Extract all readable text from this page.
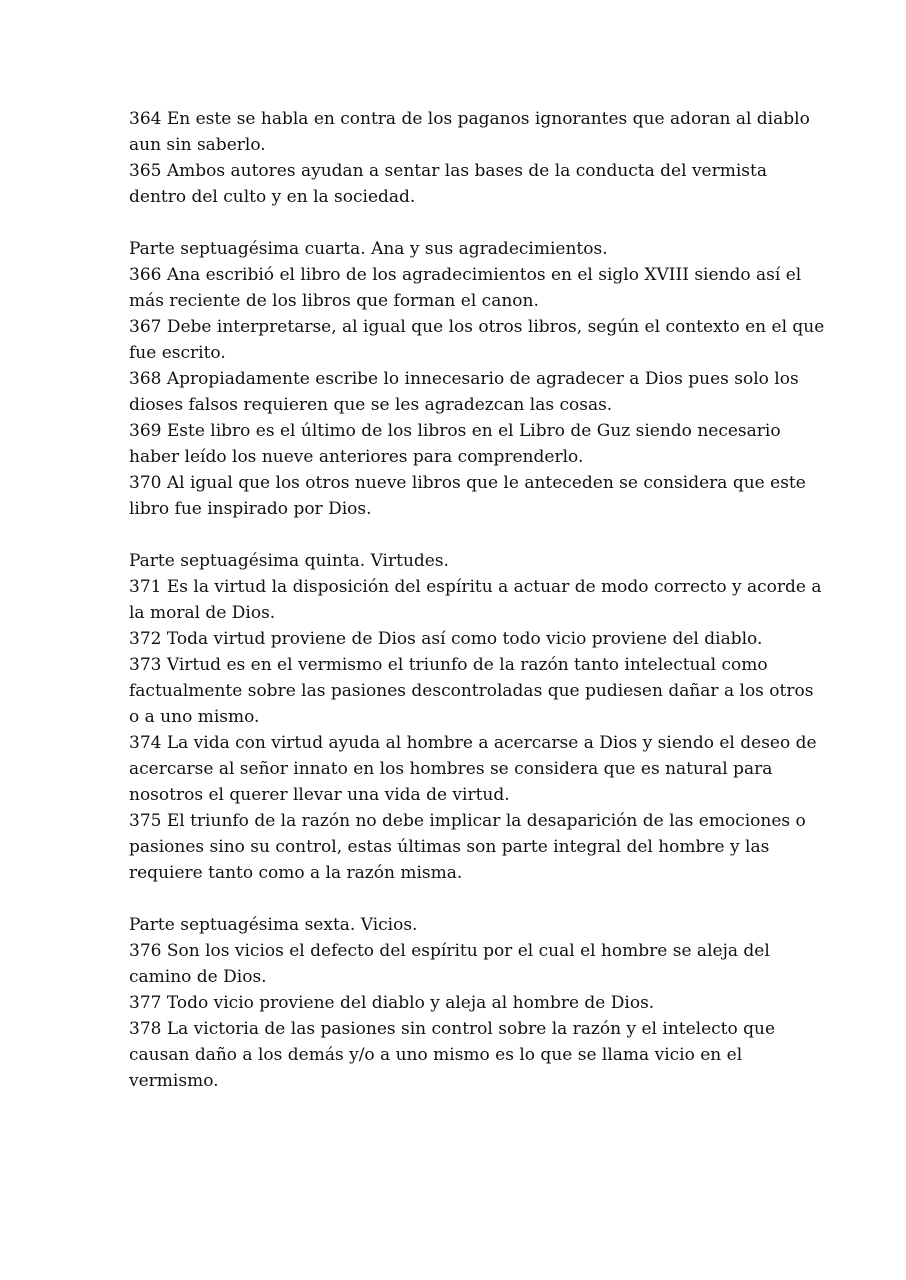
364 En este se habla en contra de los paganos ignorantes que adoran al diablo
aun sin saberlo.
365 Ambos autores ayudan a sentar las bases de la conducta del vermista
dentro del culto y en la sociedad.
Parte septuagésima cuarta. Ana y sus agradecimientos.
366 Ana escribió el libro de los agradecimientos en el siglo XVIII siendo así el
más reciente de los libros que forman el canon.
367 Debe interpretarse, al igual que los otros libros, según el contexto en el que
fue escrito.
368 Apropiadamente escribe lo innecesario de agradecer a Dios pues solo los
dioses falsos requieren que se les agradezcan las cosas.
369 Este libro es el último de los libros en el Libro de Guz siendo necesario
haber leído los nueve anteriores para comprenderlo.
370 Al igual que los otros nueve libros que le anteceden se considera que este
libro fue inspirado por Dios.
Parte septuagésima quinta. Virtudes.
371 Es la virtud la disposición del espíritu a actuar de modo correcto y acorde a
la moral de Dios.
372 Toda virtud proviene de Dios así como todo vicio proviene del diablo.
373 Virtud es en el vermismo el triunfo de la razón tanto intelectual como
factualmente sobre las pasiones descontroladas que pudiesen dañar a los otros
o a uno mismo.
374 La vida con virtud ayuda al hombre a acercarse a Dios y siendo el deseo de
acercarse al señor innato en los hombres se considera que es natural para
nosotros el querer llevar una vida de virtud.
375 El triunfo de la razón no debe implicar la desaparición de las emociones o
pasiones sino su control, estas últimas son parte integral del hombre y las
requiere tanto como a la razón misma.
Parte septuagésima sexta. Vicios.
376 Son los vicios el defecto del espíritu por el cual el hombre se aleja del
camino de Dios.
377 Todo vicio proviene del diablo y aleja al hombre de Dios.
378 La victoria de las pasiones sin control sobre la razón y el intelecto que
causan daño a los demás y/o a uno mismo es lo que se llama vicio en el
vermismo.
